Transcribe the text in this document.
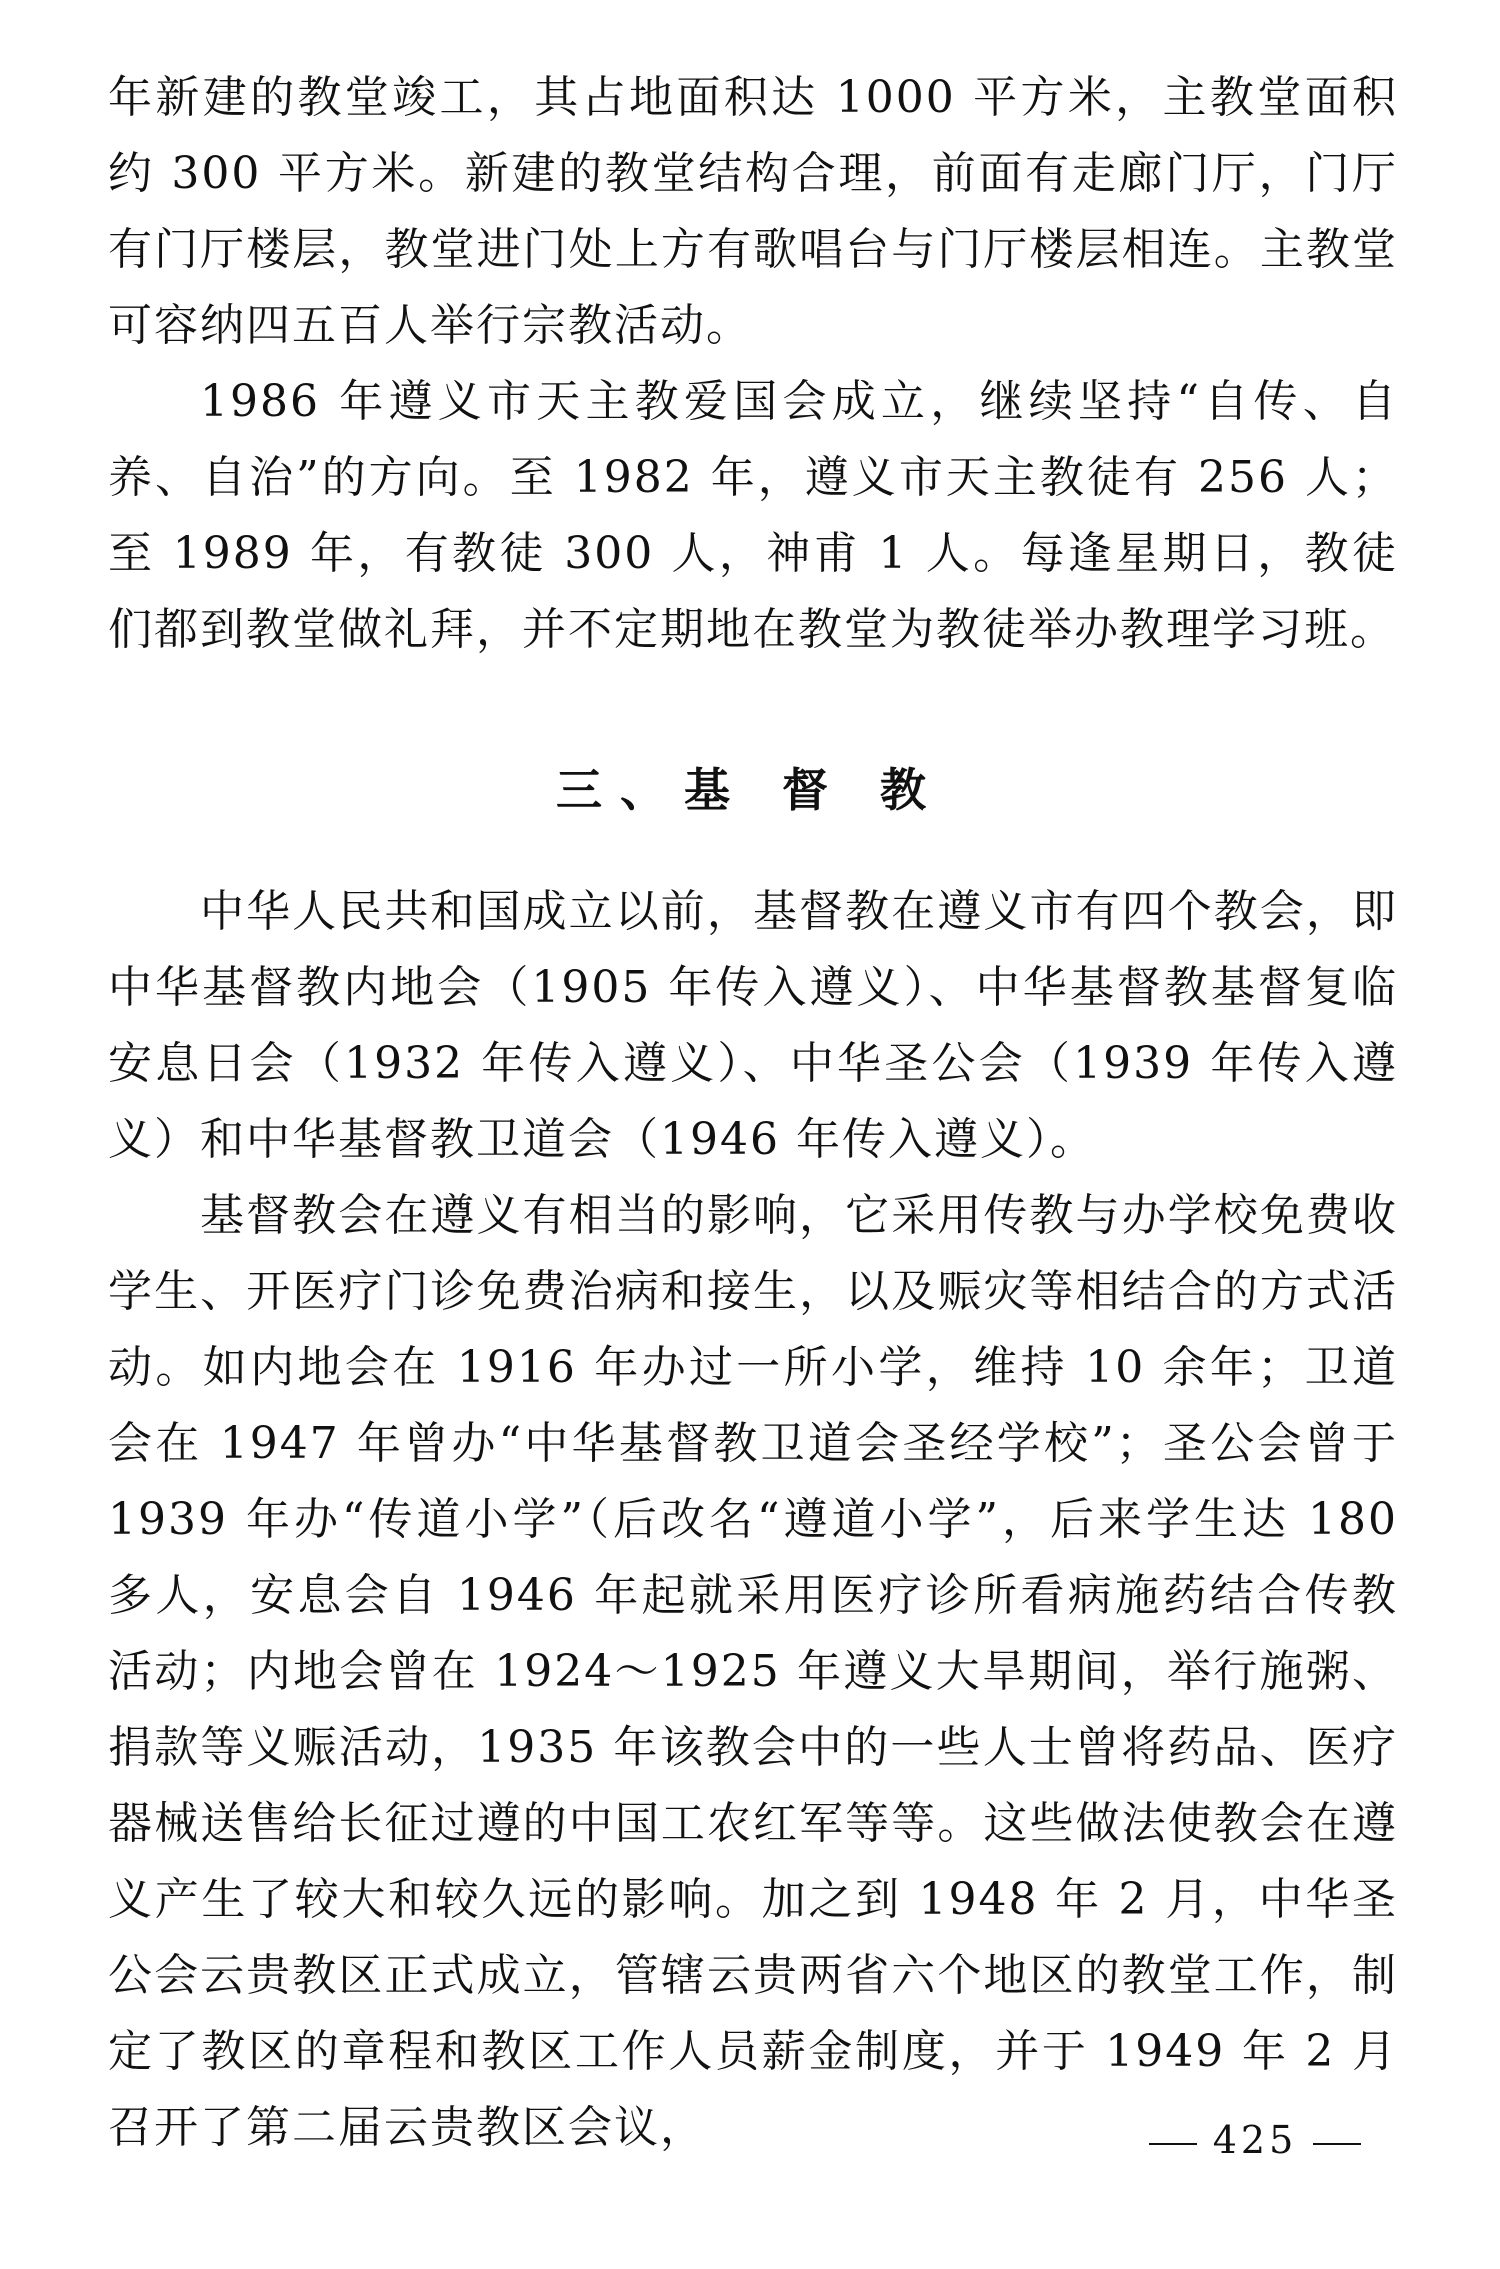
年新建的教堂竣工，其占地面积达 1000 平方米，主教堂面积约 300 平方米。新建的教堂结构合理，前面有走廊门厅，门厅有门厅楼层，教堂进门处上方有歌唱台与门厅楼层相连。主教堂可容纳四五百人举行宗教活动。

1986 年遵义市天主教爱国会成立，继续坚持“自传、自养、自治”的方向。至 1982 年，遵义市天主教徒有 256 人；至 1989 年，有教徒 300 人，神甫 1 人。每逢星期日，教徒们都到教堂做礼拜，并不定期地在教堂为教徒举办教理学习班。

三、基 督 教

中华人民共和国成立以前，基督教在遵义市有四个教会，即中华基督教内地会（1905 年传入遵义）、中华基督教基督复临安息日会（1932 年传入遵义）、中华圣公会（1939 年传入遵义）和中华基督教卫道会（1946 年传入遵义）。

基督教会在遵义有相当的影响，它采用传教与办学校免费收学生、开医疗门诊免费治病和接生，以及赈灾等相结合的方式活动。如内地会在 1916 年办过一所小学，维持 10 余年；卫道会在 1947 年曾办“中华基督教卫道会圣经学校”；圣公会曾于 1939 年办“传道小学”（后改名“遵道小学”，后来学生达 180 多人，安息会自 1946 年起就采用医疗诊所看病施药结合传教活动；内地会曾在 1924～1925 年遵义大旱期间，举行施粥、捐款等义赈活动，1935 年该教会中的一些人士曾将药品、医疗器械送售给长征过遵的中国工农红军等等。这些做法使教会在遵义产生了较大和较久远的影响。加之到 1948 年 2 月，中华圣公会云贵教区正式成立，管辖云贵两省六个地区的教堂工作，制定了教区的章程和教区工作人员薪金制度，并于 1949 年 2 月召开了第二届云贵教区会议，	425
